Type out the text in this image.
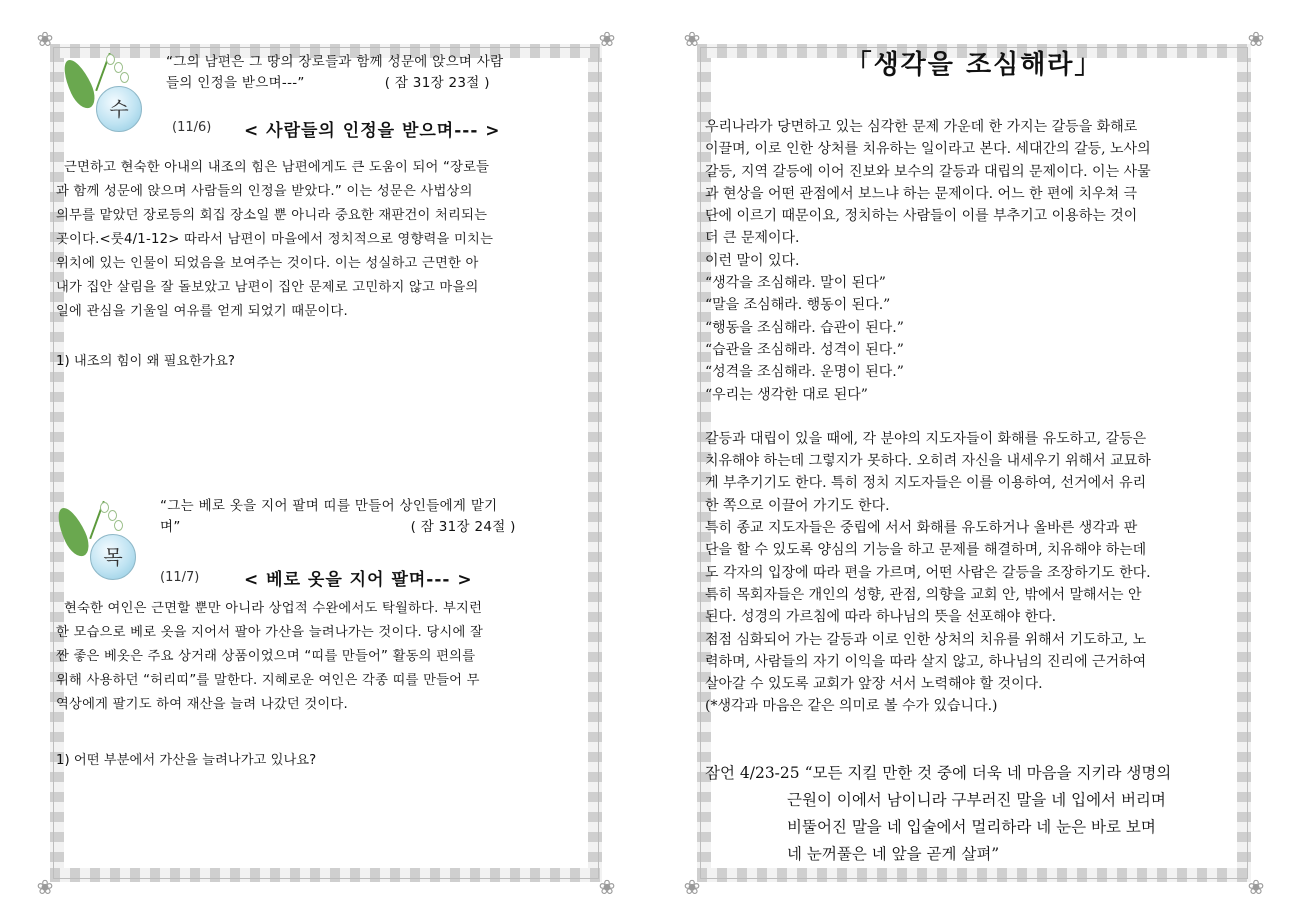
❀	❀
❀	❀
수
“그의 남편은 그 땅의 장로들과 함께 성문에 앉으며 사람
들의 인정을 받으며---”	( 잠 31장 23절 )
(11/6) < 사람들의 인정을 받으며--- >
근면하고 현숙한 아내의 내조의 힘은 남편에게도 큰 도움이 되어 “장로들
과 함께 성문에 앉으며 사람들의 인정을 받았다.” 이는 성문은 사법상의
의무를 맡았던 장로등의 회집 장소일 뿐 아니라 중요한 재판건이 처리되는
곳이다.<룻4/1-12> 따라서 남편이 마을에서 정치적으로 영향력을 미치는
위치에 있는 인물이 되었음을 보여주는 것이다. 이는 성실하고 근면한 아
내가 집안 살림을 잘 돌보았고 남편이 집안 문제로 고민하지 않고 마을의
일에 관심을 기울일 여유를 얻게 되었기 때문이다.
1) 내조의 힘이 왜 필요한가요?
목
“그는 베로 옷을 지어 팔며 띠를 만들어 상인들에게 맡기
며”	( 잠 31장 24절 )
(11/7)	< 베로 옷을 지어 팔며--- >
현숙한 여인은 근면할 뿐만 아니라 상업적 수완에서도 탁월하다. 부지런
한 모습으로 베로 옷을 지어서 팔아 가산을 늘려나가는 것이다. 당시에 잘
짠 좋은 베옷은 주요 상거래 상품이었으며 “띠를 만들어” 활동의 편의를
위해 사용하던 “허리띠”를 말한다. 지혜로운 여인은 각종 띠를 만들어 무
역상에게 팔기도 하여 재산을 늘려 나갔던 것이다.
1) 어떤 부분에서 가산을 늘려나가고 있나요?
❀	❀
❀	❀
「생각을 조심해라」

우리나라가 당면하고 있는 심각한 문제 가운데 한 가지는 갈등을 화해로

이끌며, 이로 인한 상처를 치유하는 일이라고 본다. 세대간의 갈등, 노사의

갈등, 지역 갈등에 이어 진보와 보수의 갈등과 대립의 문제이다. 이는 사물

과 현상을 어떤 관점에서 보느냐 하는 문제이다. 어느 한 편에 치우쳐 극

단에 이르기 때문이요, 정치하는 사람들이 이를 부추기고 이용하는 것이

더 큰 문제이다.

이런 말이 있다.

“생각을 조심해라. 말이 된다”

“말을 조심해라. 행동이 된다.”

“행동을 조심해라. 습관이 된다.”

“습관을 조심해라. 성격이 된다.”

“성격을 조심해라. 운명이 된다.”

“우리는 생각한 대로 된다”

갈등과 대립이 있을 때에, 각 분야의 지도자들이 화해를 유도하고, 갈등은

치유해야 하는데 그렇지가 못하다. 오히려 자신을 내세우기 위해서 교묘하

게 부추기기도 한다. 특히 정치 지도자들은 이를 이용하여, 선거에서 유리

한 쪽으로 이끌어 가기도 한다.

특히 종교 지도자들은 중립에 서서 화해를 유도하거나 올바른 생각과 판

단을 할 수 있도록 양심의 기능을 하고 문제를 해결하며, 치유해야 하는데

도 각자의 입장에 따라 편을 가르며, 어떤 사람은 갈등을 조장하기도 한다.

특히 목회자들은 개인의 성향, 관점, 의향을 교회 안, 밖에서 말해서는 안

된다. 성경의 가르침에 따라 하나님의 뜻을 선포해야 한다.

점점 심화되어 가는 갈등과 이로 인한 상처의 치유를 위해서 기도하고, 노

력하며, 사람들의 자기 이익을 따라 살지 않고, 하나님의 진리에 근거하여

살아갈 수 있도록 교회가 앞장 서서 노력해야 할 것이다.

(*생각과 마음은 같은 의미로 볼 수가 있습니다.)

잠언 4/23-25 “모든 지킬 만한 것 중에 더욱 네 마음을 지키라 생명의
근원이 이에서 남이니라 구부러진 말을 네 입에서 버리며
비뚤어진 말을 네 입술에서 멀리하라 네 눈은 바로 보며
네 눈꺼풀은 네 앞을 곧게 살펴”
